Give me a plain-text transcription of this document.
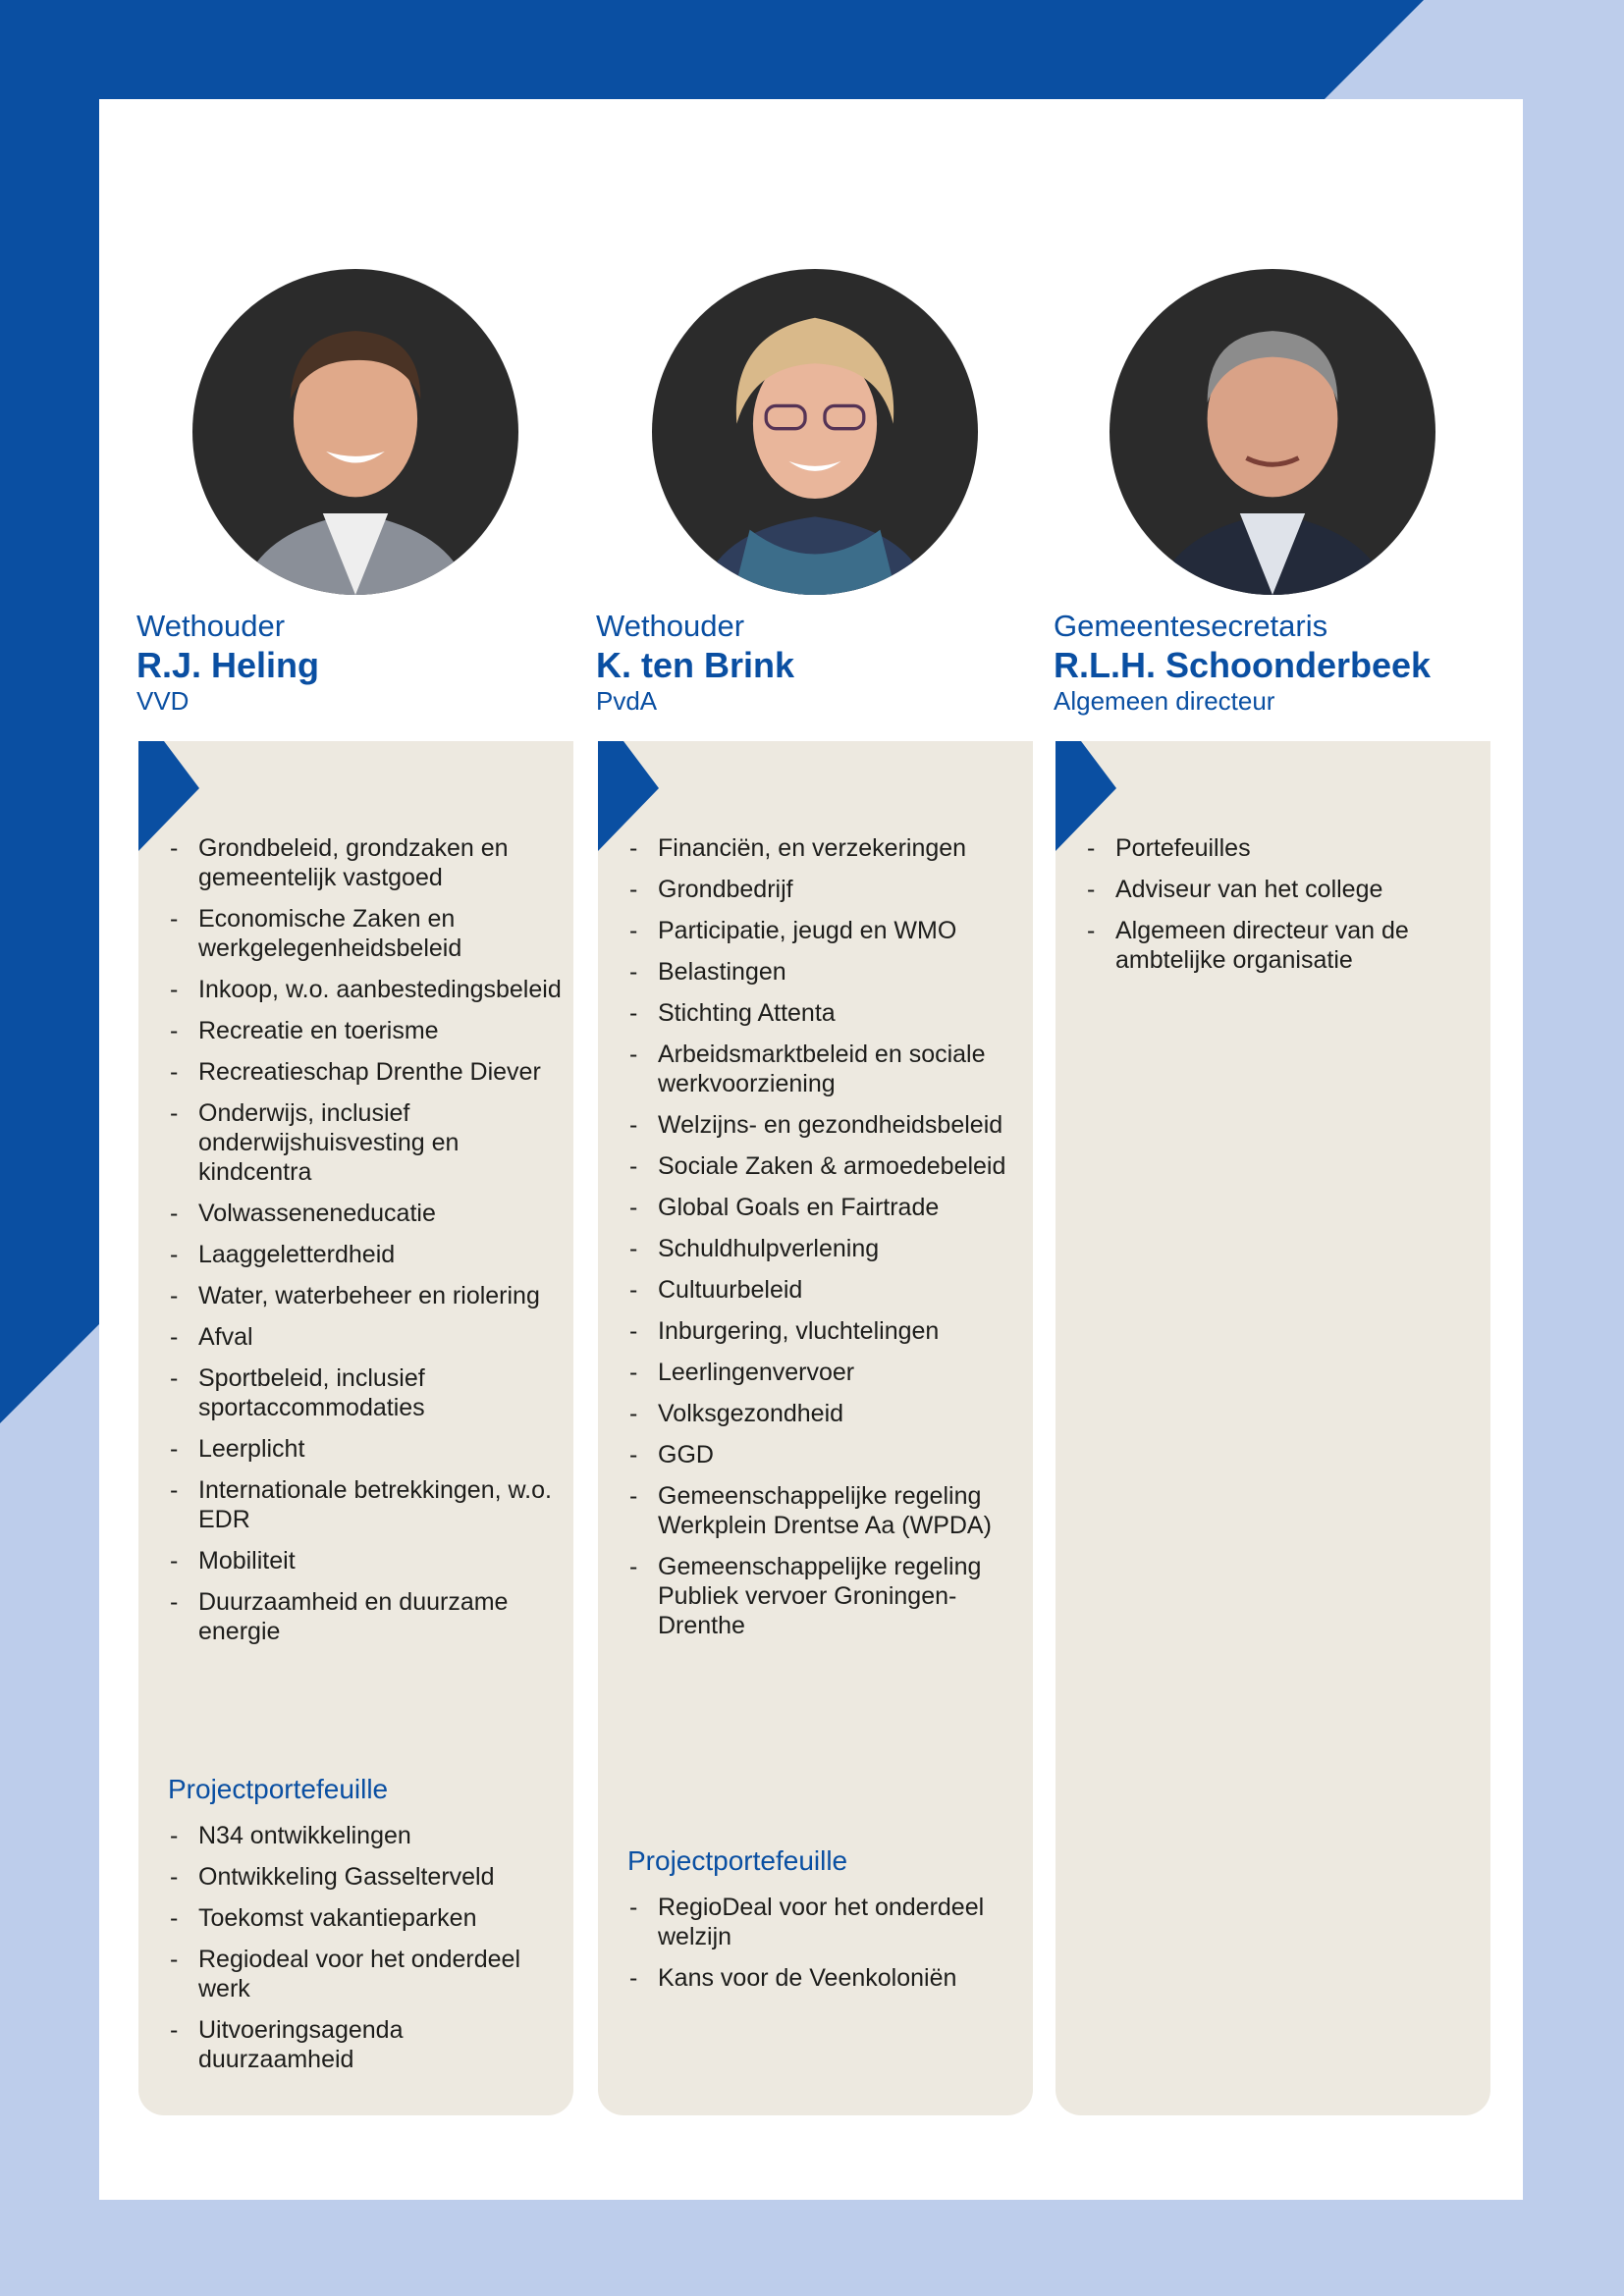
Wethouder

R.J. Heling

VVD

- Grondbeleid, grondzaken en gemeentelijk vastgoed
- Economische Zaken en werkgelegenheidsbeleid
- Inkoop, w.o. aanbestedingsbeleid
- Recreatie en toerisme
- Recreatieschap Drenthe Diever
- Onderwijs, inclusief onderwijshuisvesting en kindcentra
- Volwasseneneducatie
- Laaggeletterdheid
- Water, waterbeheer en riolering
- Afval
- Sportbeleid, inclusief sportaccommodaties
- Leerplicht
- Internationale betrekkingen, w.o. EDR
- Mobiliteit
- Duurzaamheid en duurzame energie
Projectportefeuille
- N34 ontwikkelingen
- Ontwikkeling Gasselterveld
- Toekomst vakantieparken
- Regiodeal voor het onderdeel werk
- Uitvoeringsagenda duurzaamheid

Wethouder

K. ten Brink

PvdA

- Financiën, en verzekeringen
- Grondbedrijf
- Participatie, jeugd en WMO
- Belastingen
- Stichting Attenta
- Arbeidsmarktbeleid en sociale werkvoorziening
- Welzijns- en gezondheidsbeleid
- Sociale Zaken & armoedebeleid
- Global Goals en Fairtrade
- Schuldhulpverlening
- Cultuurbeleid
- Inburgering, vluchtelingen
- Leerlingenvervoer
- Volksgezondheid
- GGD
- Gemeenschappelijke regeling Werkplein Drentse Aa (WPDA)
- Gemeenschappelijke regeling Publiek vervoer Groningen- Drenthe
Projectportefeuille
- RegioDeal voor het onderdeel welzijn
- Kans voor de Veenkoloniën

Gemeentesecretaris

R.L.H. Schoonderbeek

Algemeen directeur

- Portefeuilles
- Adviseur van het college
- Algemeen directeur van de ambtelijke organisatie
